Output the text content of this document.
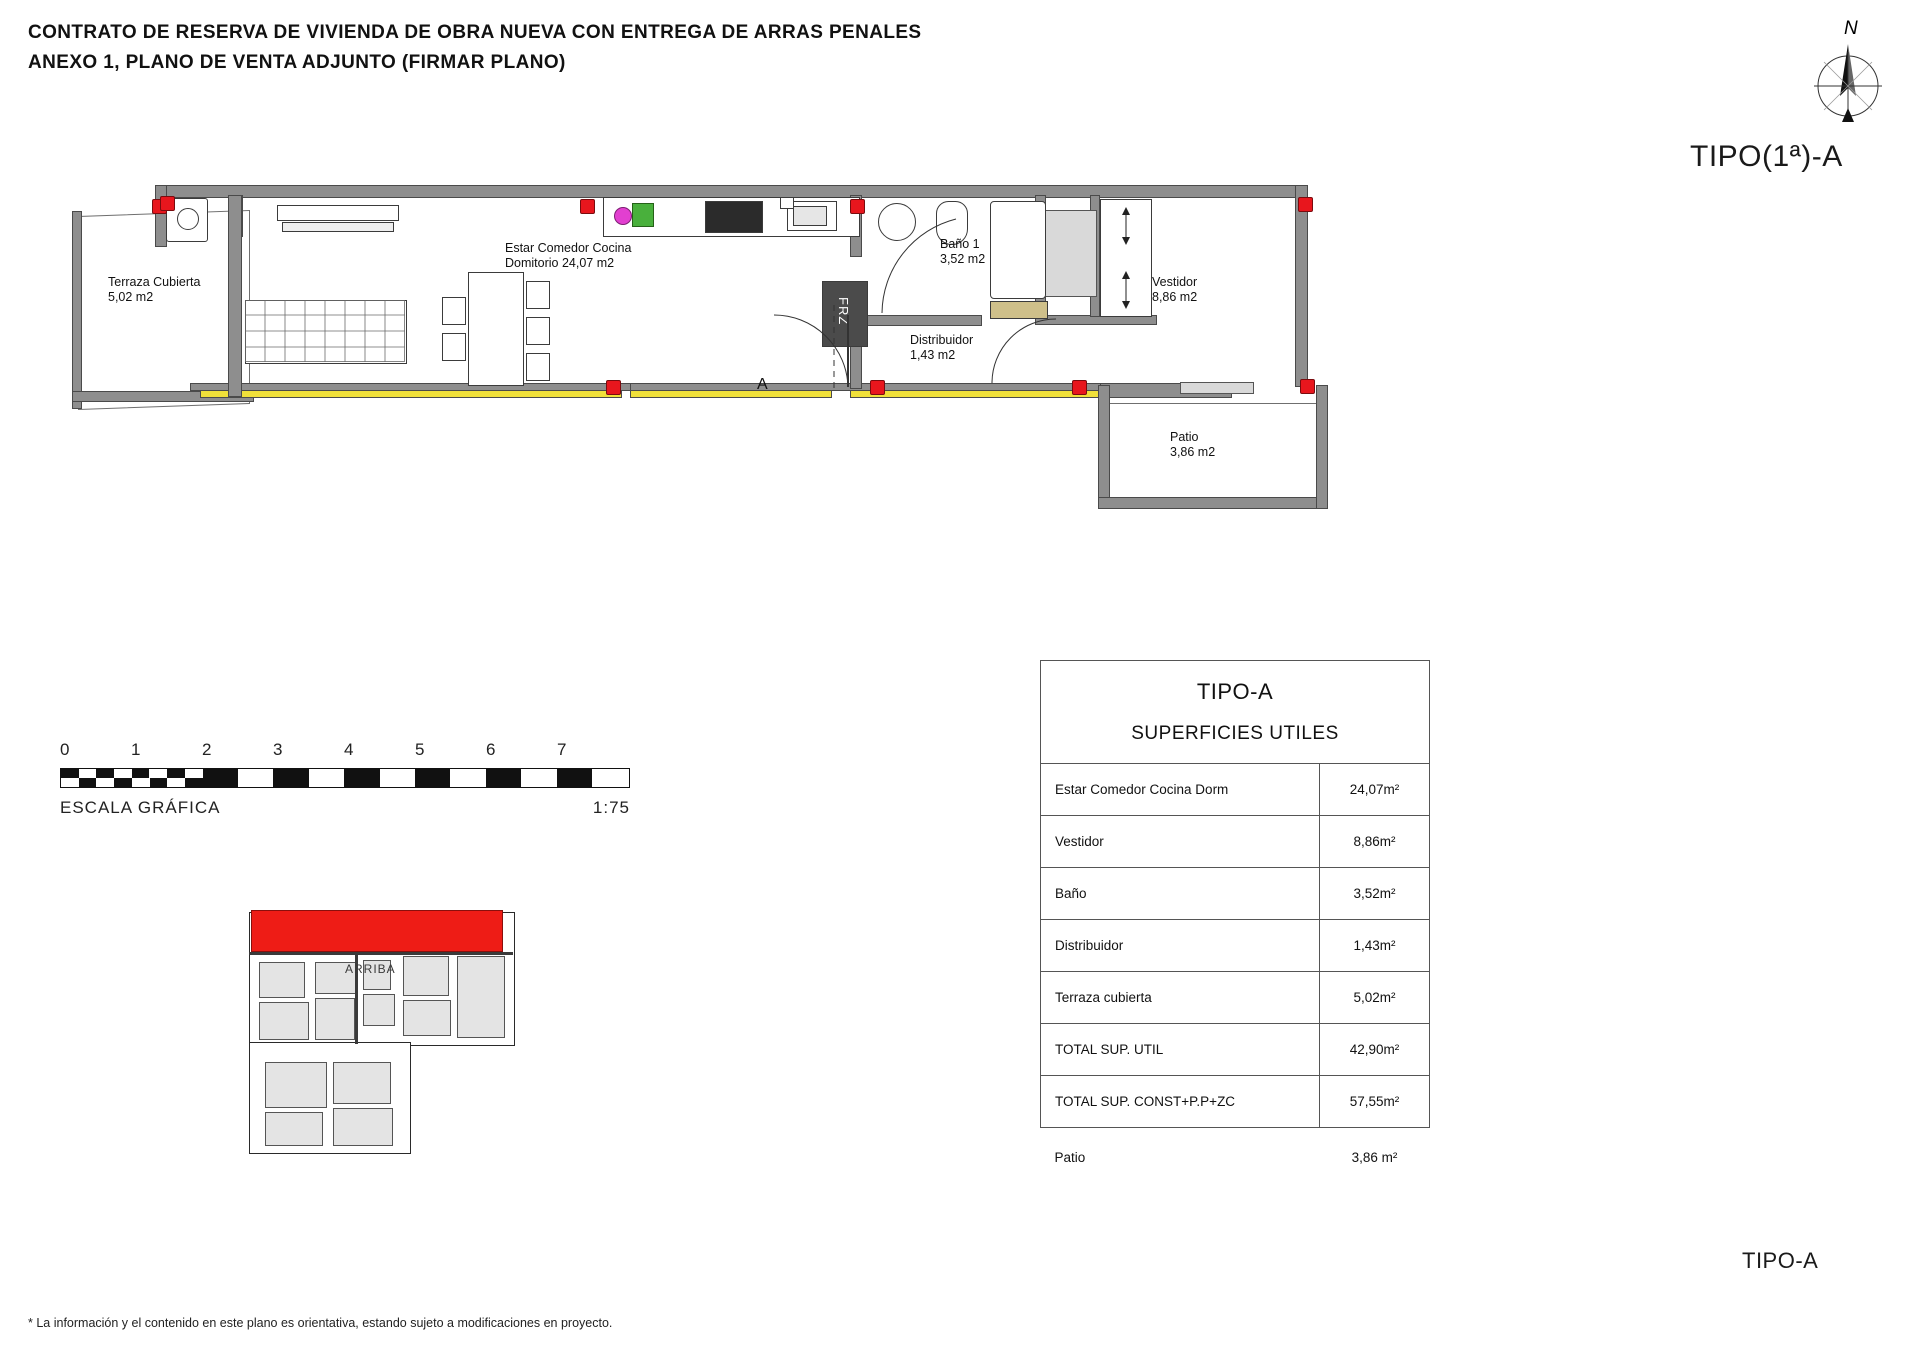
CONTRATO DE RESERVA DE VIVIENDA DE OBRA NUEVA CON ENTREGA DE ARRAS PENALES
ANEXO 1, PLANO DE VENTA ADJUNTO (FIRMAR PLANO)
N
TIPO(1ª)-A
TIPO-A
FRZ
A
Terraza Cubierta
5,02 m2
Estar Comedor Cocina
Domitorio 24,07 m2
Baño 1
3,52 m2
Distribuidor
1,43 m2
Vestidor
8,86 m2
Patio
3,86 m2
0	1	2	3	4	5	6	7
ESCALA GRÁFICA	1:75
ARRIBA
TIPO-A
SUPERFICIES UTILES	

Estar Comedor Cocina Dorm	24,07m²
Vestidor	8,86m²
Baño	3,52m²
Distribuidor	1,43m²
Terraza cubierta	5,02m²
TOTAL SUP. UTIL	42,90m²
TOTAL SUP. CONST+P.P+ZC	57,55m²
Patio	3,86 m²
* La información y el contenido en este plano es orientativa, estando sujeto a modificaciones en proyecto.
